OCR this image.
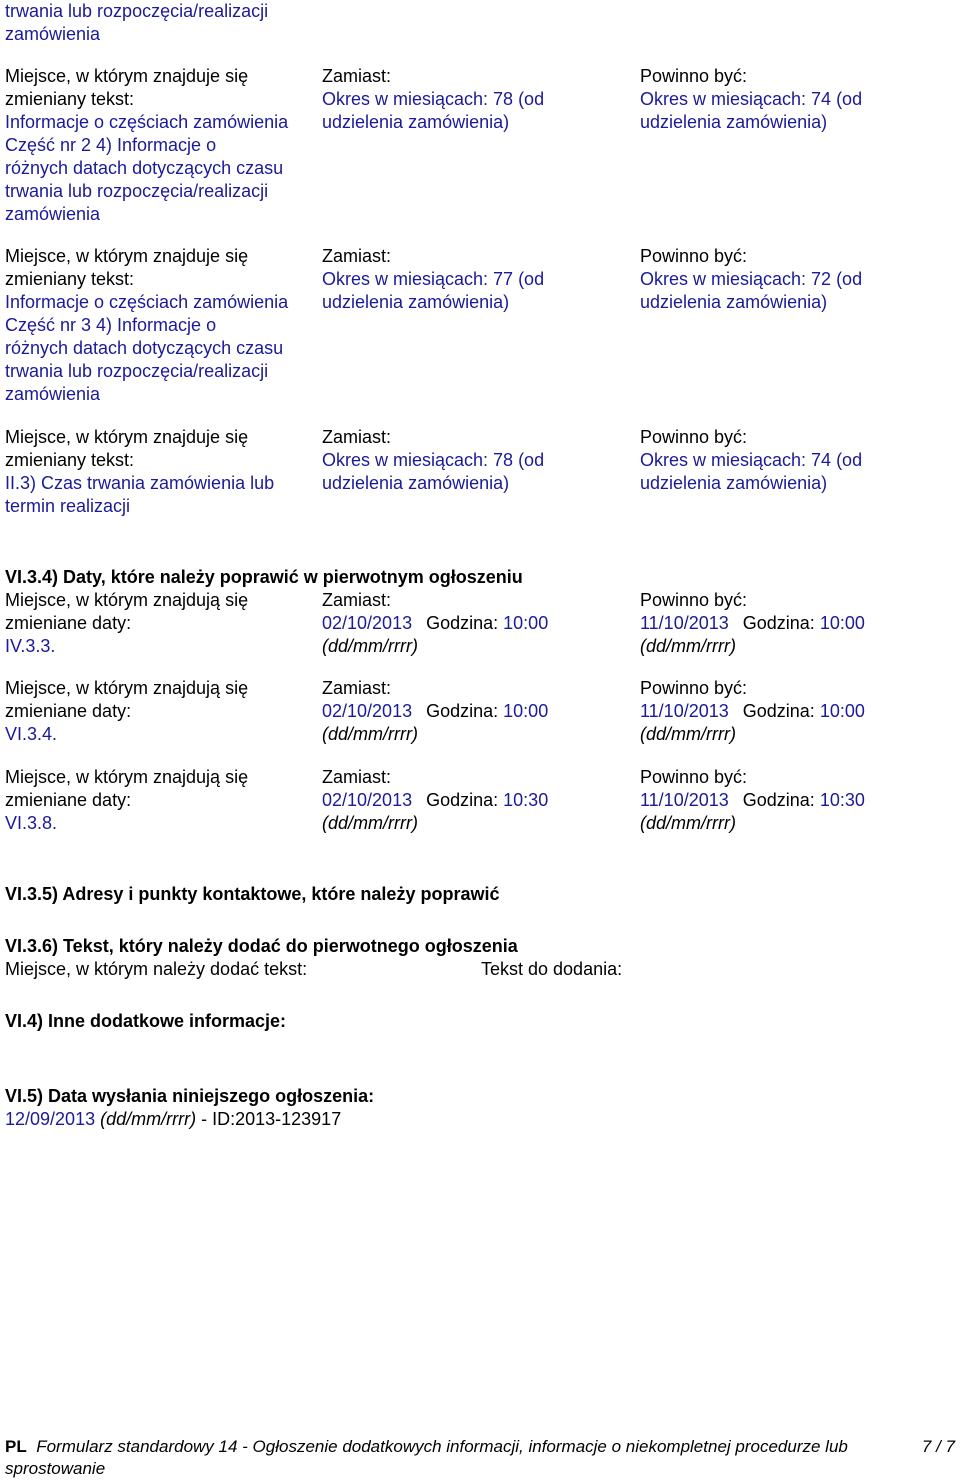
trwania lub rozpoczęcia/realizacji
zamówienia
Miejsce, w którym znajduje się
zmieniany tekst:
Informacje o częściach zamówienia
Część nr 2 4) Informacje o
różnych datach dotyczących czasu
trwania lub rozpoczęcia/realizacji
zamówienia
Zamiast:
Okres w miesiącach: 78 (od
udzielenia zamówienia)
Powinno być:
Okres w miesiącach: 74 (od
udzielenia zamówienia)
Miejsce, w którym znajduje się
zmieniany tekst:
Informacje o częściach zamówienia
Część nr 3 4) Informacje o
różnych datach dotyczących czasu
trwania lub rozpoczęcia/realizacji
zamówienia
Zamiast:
Okres w miesiącach: 77 (od
udzielenia zamówienia)
Powinno być:
Okres w miesiącach: 72 (od
udzielenia zamówienia)
Miejsce, w którym znajduje się
zmieniany tekst:
II.3) Czas trwania zamówienia lub
termin realizacji
Zamiast:
Okres w miesiącach: 78 (od
udzielenia zamówienia)
Powinno być:
Okres w miesiącach: 74 (od
udzielenia zamówienia)
VI.3.4) Daty, które należy poprawić w pierwotnym ogłoszeniu
Miejsce, w którym znajdują się
zmieniane daty:
IV.3.3.
Zamiast:
02/10/2013 Godzina: 10:00
(dd/mm/rrrr)
Powinno być:
11/10/2013 Godzina: 10:00
(dd/mm/rrrr)
Miejsce, w którym znajdują się
zmieniane daty:
VI.3.4.
Zamiast:
02/10/2013 Godzina: 10:00
(dd/mm/rrrr)
Powinno być:
11/10/2013 Godzina: 10:00
(dd/mm/rrrr)
Miejsce, w którym znajdują się
zmieniane daty:
VI.3.8.
Zamiast:
02/10/2013 Godzina: 10:30
(dd/mm/rrrr)
Powinno być:
11/10/2013 Godzina: 10:30
(dd/mm/rrrr)
VI.3.5) Adresy i punkty kontaktowe, które należy poprawić
VI.3.6) Tekst, który należy dodać do pierwotnego ogłoszenia
Miejsce, w którym należy dodać tekst:	Tekst do dodania:
VI.4) Inne dodatkowe informacje:
VI.5) Data wysłania niniejszego ogłoszenia:
12/09/2013 (dd/mm/rrrr) - ID:2013-123917
PL Formularz standardowy 14 - Ogłoszenie dodatkowych informacji, informacje o niekompletnej procedurze lub
sprostowanie
7 / 7
